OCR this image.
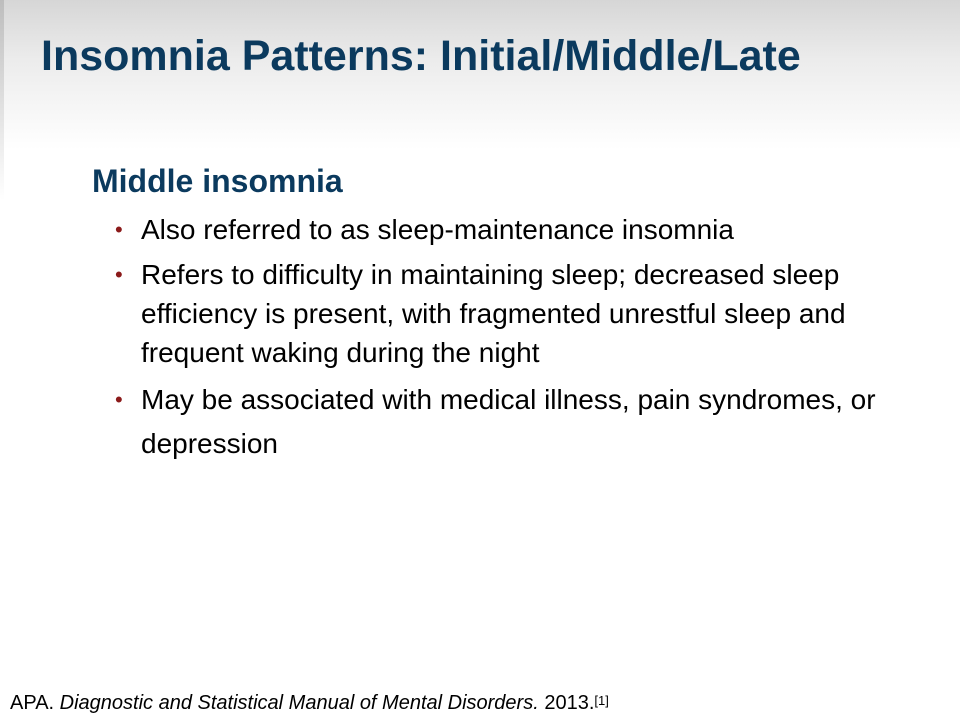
Insomnia Patterns: Initial/Middle/Late
Middle insomnia
• Also referred to as sleep-maintenance insomnia
• Refers to difficulty in maintaining sleep; decreased sleep efficiency is present, with fragmented unrestful sleep and frequent waking during the night
• May be associated with medical illness, pain syndromes, or depression
APA. Diagnostic and Statistical Manual of Mental Disorders. 2013.[1]
